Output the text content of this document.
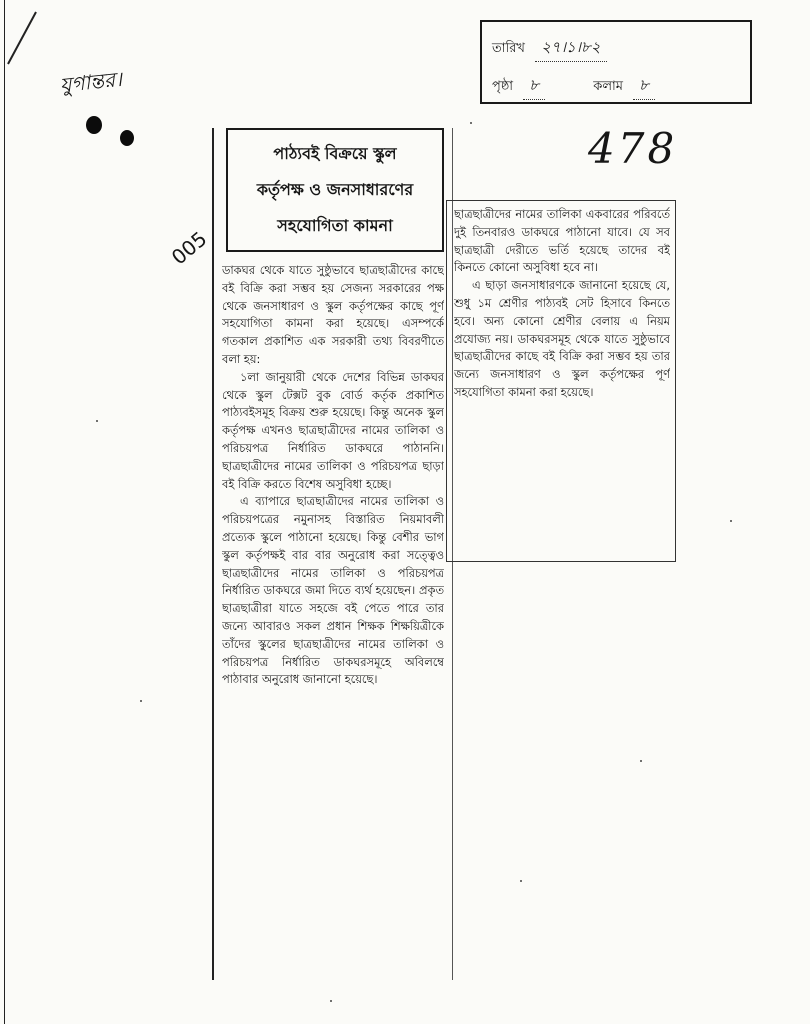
যুগান্তর।
005
তারিখ ২৭।১।৮২
পৃষ্ঠা ৮	কলাম ৮
478
পাঠ্যবই বিক্রয়ে স্কুল
কর্তৃপক্ষ ও জনসাধারণের
সহযোগিতা কামনা

ডাকঘর থেকে যাতে সুষ্ঠুভাবে ছাত্রছাত্রীদের কাছে বই বিক্রি করা সম্ভব হয় সেজন্য সরকারের পক্ষ থেকে জনসাধারণ ও স্কুল কর্তৃপক্ষের কাছে পূর্ণ সহযোগিতা কামনা করা হয়েছে। এসম্পর্কে গতকাল প্রকাশিত এক সরকারী তথ্য বিবরণীতে বলা হয়:

১লা জানুয়ারী থেকে দেশের বিভিন্ন ডাকঘর থেকে স্কুল টেক্সট বুক বোর্ড কর্তৃক প্রকাশিত পাঠ্যবইসমূহ বিক্রয় শুরু হয়েছে। কিন্তু অনেক স্কুল কর্তৃপক্ষ এখনও ছাত্রছাত্রীদের নামের তালিকা ও পরিচয়পত্র নির্ধারিত ডাকঘরে পাঠাননি। ছাত্রছাত্রীদের নামের তালিকা ও পরিচয়পত্র ছাড়া বই বিক্রি করতে বিশেষ অসুবিধা হচ্ছে।

এ ব্যাপারে ছাত্রছাত্রীদের নামের তালিকা ও পরিচয়পত্রের নমুনাসহ বিস্তারিত নিয়মাবলী প্রত্যেক স্কুলে পাঠানো হয়েছে। কিন্তু বেশীর ভাগ স্কুল কর্তৃপক্ষই বার বার অনুরোধ করা সত্ত্বেও ছাত্রছাত্রীদের নামের তালিকা ও পরিচয়পত্র নির্ধারিত ডাকঘরে জমা দিতে ব্যর্থ হয়েছেন। প্রকৃত ছাত্রছাত্রীরা যাতে সহজে বই পেতে পারে তার জন্যে আবারও সকল প্রধান শিক্ষক শিক্ষয়িত্রীকে তাঁদের স্কুলের ছাত্রছাত্রীদের নামের তালিকা ও পরিচয়পত্র নির্ধারিত ডাকঘরসমূহে অবিলম্বে পাঠাবার অনুরোধ জানানো হয়েছে।

ছাত্রছাত্রীদের নামের তালিকা একবারের পরিবর্তে দুই তিনবারও ডাকঘরে পাঠানো যাবে। যে সব ছাত্রছাত্রী দেরীতে ভর্তি হয়েছে তাদের বই কিনতে কোনো অসুবিধা হবে না।

এ ছাড়া জনসাধারণকে জানানো হয়েছে যে, শুধু ১ম শ্রেণীর পাঠ্যবই সেট হিসাবে কিনতে হবে। অন্য কোনো শ্রেণীর বেলায় এ নিয়ম প্রযোজ্য নয়। ডাকঘরসমূহ থেকে যাতে সুষ্ঠুভাবে ছাত্রছাত্রীদের কাছে বই বিক্রি করা সম্ভব হয় তার জন্যে জনসাধারণ ও স্কুল কর্তৃপক্ষের পূর্ণ সহযোগিতা কামনা করা হয়েছে।
